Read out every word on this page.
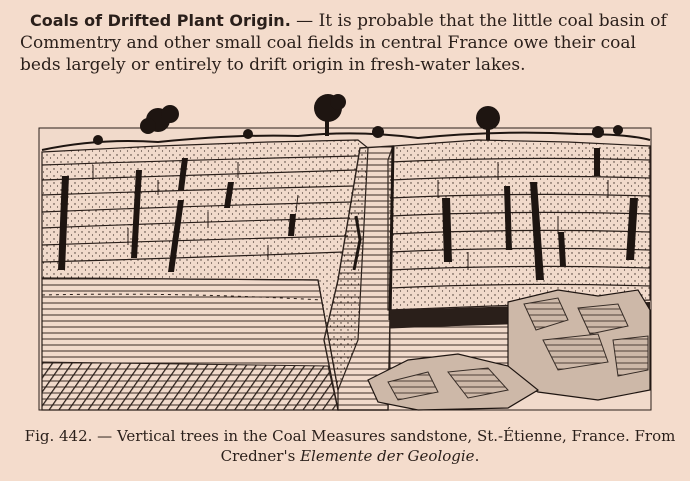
Coals of Drifted Plant Origin. — It is probable that the little coal basin of Commentry and other small coal fields in central France owe their coal beds largely or entirely to drift origin in fresh-water lakes.

Fig. 442. — Vertical trees in the Coal Measures sandstone, St.-Étienne, France. From Credner's Elemente der Geologie.
